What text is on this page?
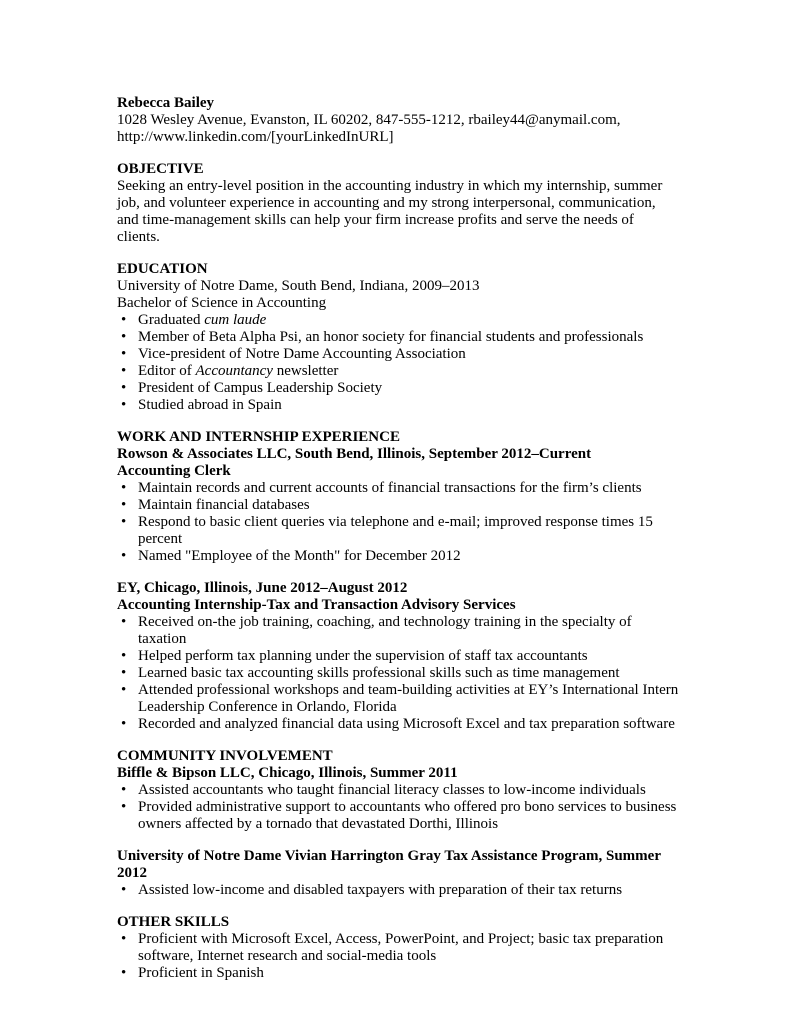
Rebecca Bailey
1028 Wesley Avenue, Evanston, IL 60202, 847-555-1212, rbailey44@anymail.com,
http://www.linkedin.com/[yourLinkedInURL]
OBJECTIVE

Seeking an entry-level position in the accounting industry in which my internship, summer job, and volunteer experience in accounting and my strong interpersonal, communication, and time-management skills can help your firm increase profits and serve the needs of clients.

EDUCATION

University of Notre Dame, South Bend, Indiana, 2009–2013

Bachelor of Science in Accounting

• Graduated cum laude
• Member of Beta Alpha Psi, an honor society for financial students and professionals
• Vice-president of Notre Dame Accounting Association
• Editor of Accountancy newsletter
• President of Campus Leadership Society
• Studied abroad in Spain
WORK AND INTERNSHIP EXPERIENCE

Rowson & Associates LLC, South Bend, Illinois, September 2012–Current

Accounting Clerk

• Maintain records and current accounts of financial transactions for the firm’s clients
• Maintain financial databases
• Respond to basic client queries via telephone and e-mail; improved response times 15 percent
• Named "Employee of the Month" for December 2012

EY, Chicago, Illinois, June 2012–August 2012

Accounting Internship-Tax and Transaction Advisory Services

• Received on-the job training, coaching, and technology training in the specialty of taxation
• Helped perform tax planning under the supervision of staff tax accountants
• Learned basic tax accounting skills professional skills such as time management
• Attended professional workshops and team-building activities at EY’s International Intern Leadership Conference in Orlando, Florida
• Recorded and analyzed financial data using Microsoft Excel and tax preparation software
COMMUNITY INVOLVEMENT

Biffle & Bipson LLC, Chicago, Illinois, Summer 2011

• Assisted accountants who taught financial literacy classes to low-income individuals
• Provided administrative support to accountants who offered pro bono services to business owners affected by a tornado that devastated Dorthi, Illinois

University of Notre Dame Vivian Harrington Gray Tax Assistance Program, Summer 2012

• Assisted low-income and disabled taxpayers with preparation of their tax returns
OTHER SKILLS
• Proficient with Microsoft Excel, Access, PowerPoint, and Project; basic tax preparation software, Internet research and social-media tools
• Proficient in Spanish
